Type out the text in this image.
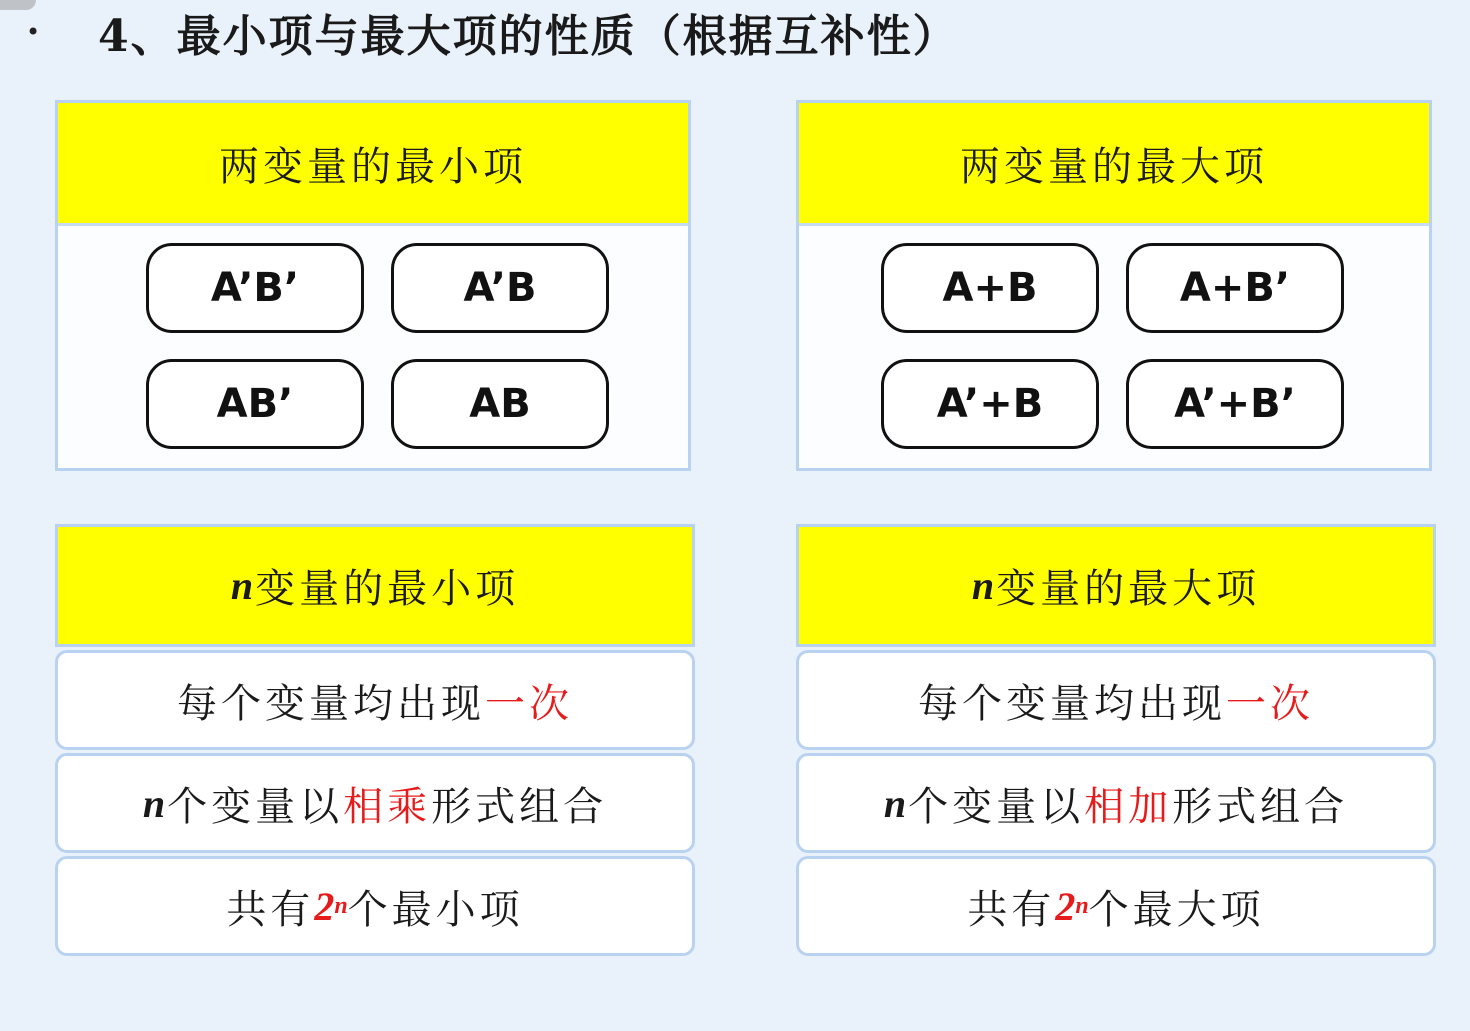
•	4、最小项与最大项的性质（根据互补性）
两变量的最小项
A’B’	A’B
AB’	AB
两变量的最大项
A+B	A+B’
A’+B	A’+B’
n 变量的最小项
每个变量均出现 一次
n 个变量以 相乘 形式组合
共有 2 n 个最小项
n 变量的最大项
每个变量均出现 一次
n 个变量以 相加 形式组合
共有 2 n 个最大项
